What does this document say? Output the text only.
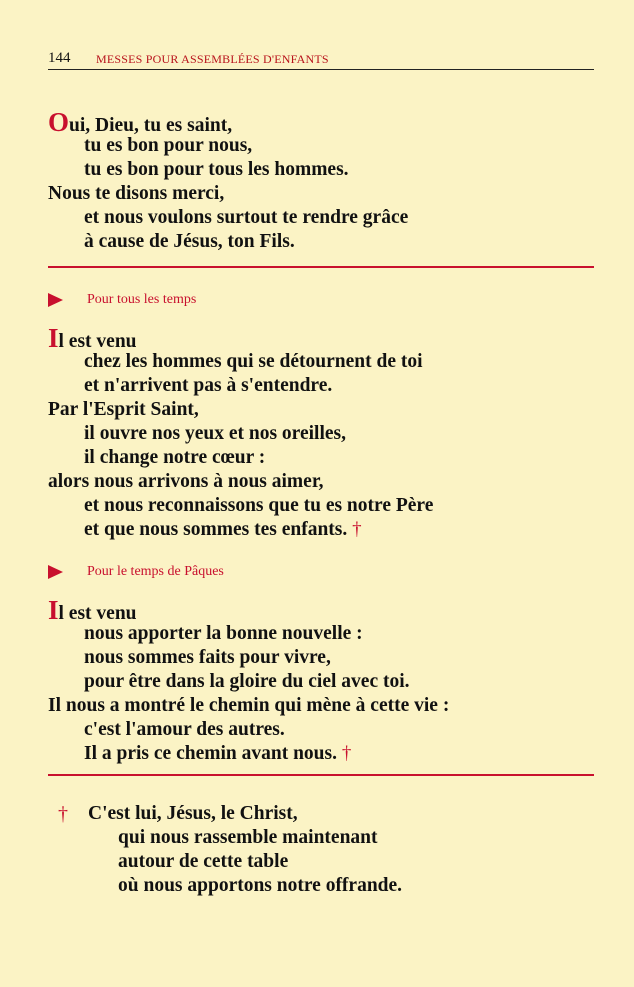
144 MESSES POUR ASSEMBLÉES D'ENFANTS
Oui, Dieu, tu es saint,
tu es bon pour nous,
tu es bon pour tous les hommes.
Nous te disons merci,
et nous voulons surtout te rendre grâce
à cause de Jésus, ton Fils.
Pour tous les temps
Il est venu
chez les hommes qui se détournent de toi
et n'arrivent pas à s'entendre.
Par l'Esprit Saint,
il ouvre nos yeux et nos oreilles,
il change notre cœur :
alors nous arrivons à nous aimer,
et nous reconnaissons que tu es notre Père
et que nous sommes tes enfants. †
Pour le temps de Pâques
Il est venu
nous apporter la bonne nouvelle :
nous sommes faits pour vivre,
pour être dans la gloire du ciel avec toi.
Il nous a montré le chemin qui mène à cette vie :
c'est l'amour des autres.
Il a pris ce chemin avant nous. †
† C'est lui, Jésus, le Christ,
qui nous rassemble maintenant
autour de cette table
où nous apportons notre offrande.
